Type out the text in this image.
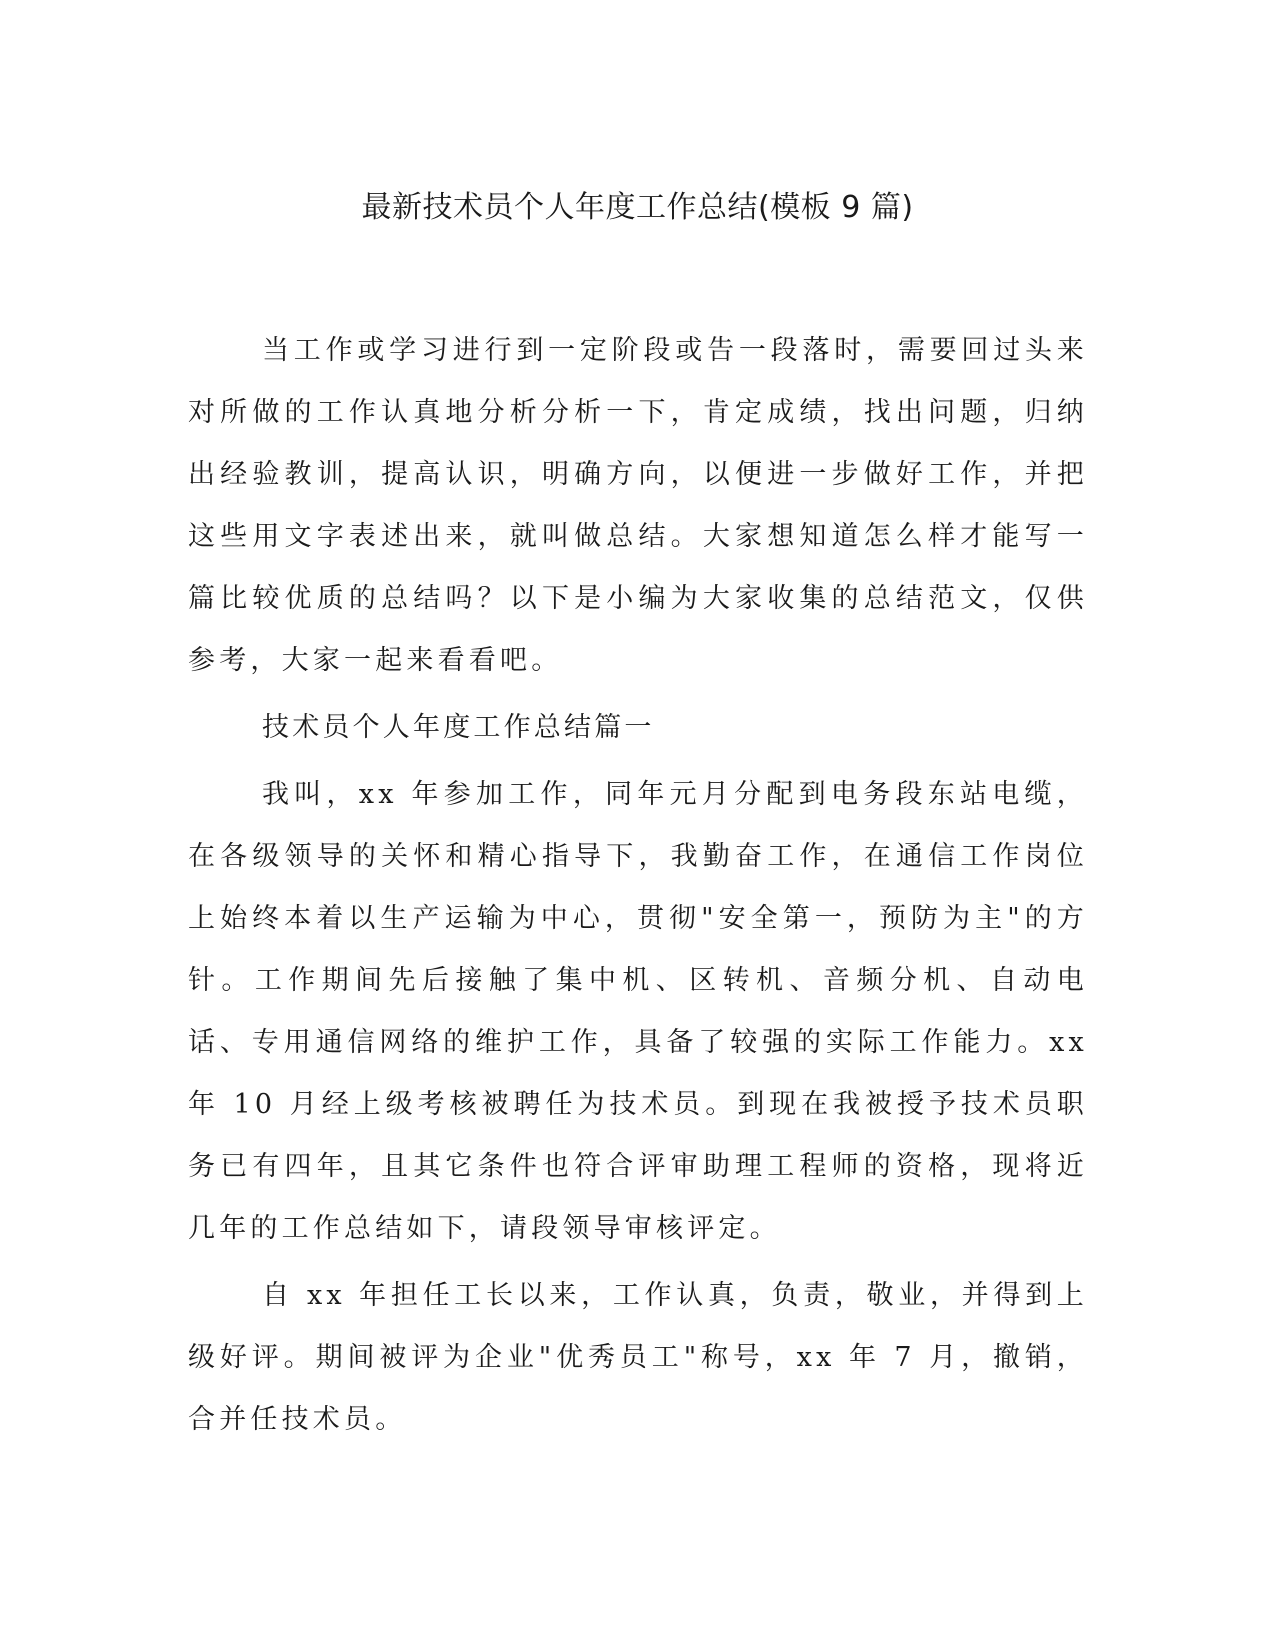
最新技术员个人年度工作总结(模板 9 篇)

当工作或学习进行到一定阶段或告一段落时，需要回过头来对所做的工作认真地分析分析一下，肯定成绩，找出问题，归纳出经验教训，提高认识，明确方向，以便进一步做好工作，并把这些用文字表述出来，就叫做总结。大家想知道怎么样才能写一篇比较优质的总结吗？以下是小编为大家收集的总结范文，仅供参考，大家一起来看看吧。

技术员个人年度工作总结篇一

我叫，xx 年参加工作，同年元月分配到电务段东站电缆，在各级领导的关怀和精心指导下，我勤奋工作，在通信工作岗位上始终本着以生产运输为中心，贯彻"安全第一，预防为主"的方针。工作期间先后接触了集中机、区转机、音频分机、自动电话、专用通信网络的维护工作，具备了较强的实际工作能力。xx 年 10 月经上级考核被聘任为技术员。到现在我被授予技术员职务已有四年，且其它条件也符合评审助理工程师的资格，现将近几年的工作总结如下，请段领导审核评定。

自 xx 年担任工长以来，工作认真，负责，敬业，并得到上级好评。期间被评为企业"优秀员工"称号，xx 年 7 月，撤销，合并任技术员。
